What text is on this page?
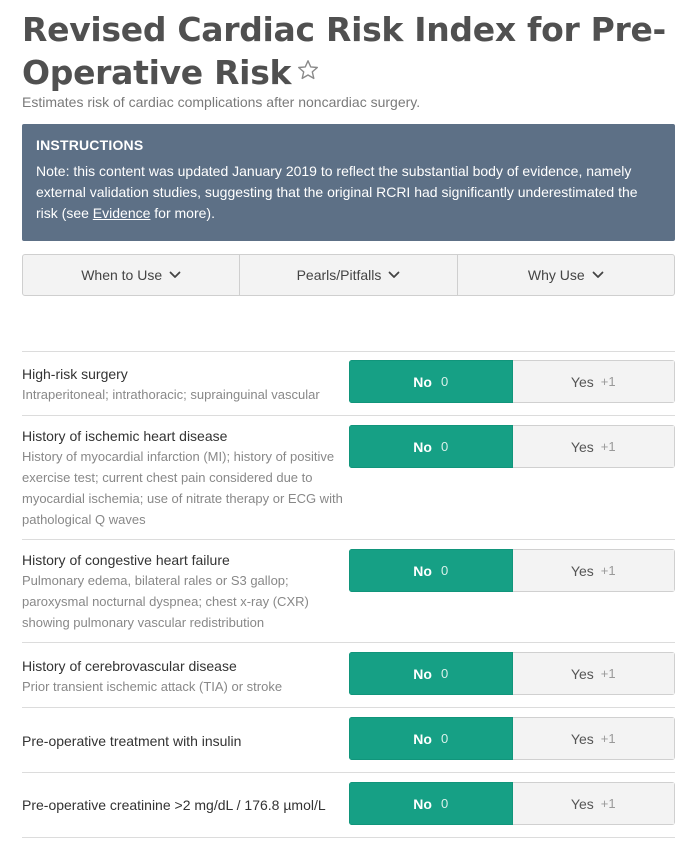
Revised Cardiac Risk Index for Pre-Operative Risk
Estimates risk of cardiac complications after noncardiac surgery.
INSTRUCTIONS
Note: this content was updated January 2019 to reflect the substantial body of evidence, namely external validation studies, suggesting that the original RCRI had significantly underestimated the risk (see Evidence for more).
When to Use	Pearls/Pitfalls	Why Use
High-risk surgery
Intraperitoneal; intrathoracic; suprainguinal vascular
No 0	Yes +1
History of ischemic heart disease
History of myocardial infarction (MI); history of positive exercise test; current chest pain considered due to myocardial ischemia; use of nitrate therapy or ECG with pathological Q waves
No 0	Yes +1
History of congestive heart failure
Pulmonary edema, bilateral rales or S3 gallop; paroxysmal nocturnal dyspnea; chest x-ray (CXR) showing pulmonary vascular redistribution
No 0	Yes +1
History of cerebrovascular disease
Prior transient ischemic attack (TIA) or stroke
No 0	Yes +1
Pre-operative treatment with insulin	No 0	Yes +1
Pre-operative creatinine >2 mg/dL / 176.8 µmol/L	No 0	Yes +1
